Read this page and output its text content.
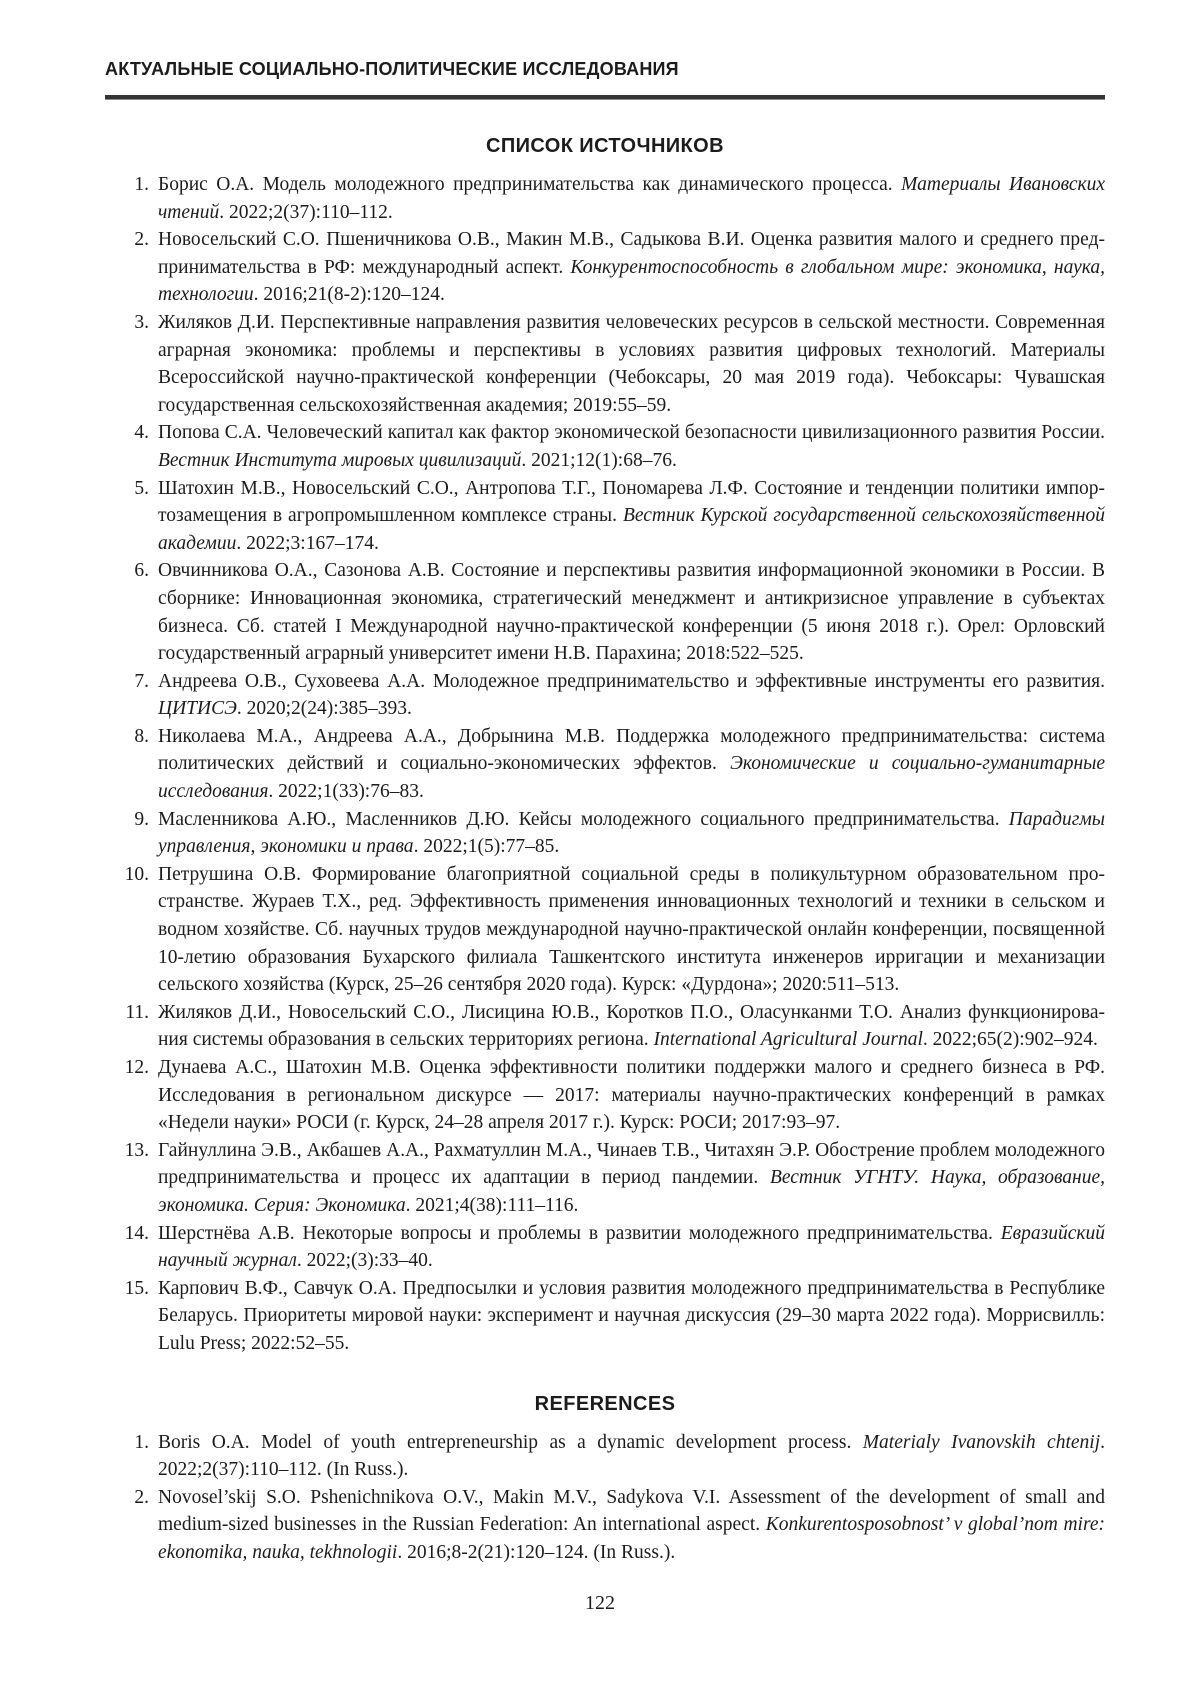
АКТУАЛЬНЫЕ СОЦИАЛЬНО-ПОЛИТИЧЕСКИЕ ИССЛЕДОВАНИЯ
СПИСОК ИСТОЧНИКОВ
1. Борис О.А. Модель молодежного предпринимательства как динамического процесса. Материалы Ивановских чтений. 2022;2(37):110–112.
2. Новосельский С.О. Пшеничникова О.В., Макин М.В., Садыкова В.И. Оценка развития малого и среднего предпринимательства в РФ: международный аспект. Конкурентоспособность в глобальном мире: экономика, наука, технологии. 2016;21(8-2):120–124.
3. Жиляков Д.И. Перспективные направления развития человеческих ресурсов в сельской местности. Современная аграрная экономика: проблемы и перспективы в условиях развития цифровых технологий. Материалы Всероссийской научно-практической конференции (Чебоксары, 20 мая 2019 года). Чебоксары: Чувашская государственная сельскохозяйственная академия; 2019:55–59.
4. Попова С.А. Человеческий капитал как фактор экономической безопасности цивилизационного развития России. Вестник Института мировых цивилизаций. 2021;12(1):68–76.
5. Шатохин М.В., Новосельский С.О., Антропова Т.Г., Пономарева Л.Ф. Состояние и тенденции политики импортозамещения в агропромышленном комплексе страны. Вестник Курской государственной сельскохозяйственной академии. 2022;3:167–174.
6. Овчинникова О.А., Сазонова А.В. Состояние и перспективы развития информационной экономики в России. В сборнике: Инновационная экономика, стратегический менеджмент и антикризисное управление в субъектах бизнеса. Сб. статей I Международной научно-практической конференции (5 июня 2018 г.). Орел: Орловский государственный аграрный университет имени Н.В. Парахина; 2018:522–525.
7. Андреева О.В., Суховеева А.А. Молодежное предпринимательство и эффективные инструменты его развития. ЦИТИСЭ. 2020;2(24):385–393.
8. Николаева М.А., Андреева А.А., Добрынина М.В. Поддержка молодежного предпринимательства: система политических действий и социально-экономических эффектов. Экономические и социально-гуманитарные исследования. 2022;1(33):76–83.
9. Масленникова А.Ю., Масленников Д.Ю. Кейсы молодежного социального предпринимательства. Парадигмы управления, экономики и права. 2022;1(5):77–85.
10. Петрушина О.В. Формирование благоприятной социальной среды в поликультурном образовательном пространстве. Жураев Т.Х., ред. Эффективность применения инновационных технологий и техники в сельском и водном хозяйстве. Сб. научных трудов международной научно-практической онлайн конференции, посвященной 10-летию образования Бухарского филиала Ташкентского института инженеров ирригации и механизации сельского хозяйства (Курск, 25–26 сентября 2020 года). Курск: «Дурдона»; 2020:511–513.
11. Жиляков Д.И., Новосельский С.О., Лисицина Ю.В., Коротков П.О., Оласунканми Т.О. Анализ функционирования системы образования в сельских территориях региона. International Agricultural Journal. 2022;65(2):902–924.
12. Дунаева А.С., Шатохин М.В. Оценка эффективности политики поддержки малого и среднего бизнеса в РФ. Исследования в региональном дискурсе — 2017: материалы научно-практических конференций в рамках «Недели науки» РОСИ (г. Курск, 24–28 апреля 2017 г.). Курск: РОСИ; 2017:93–97.
13. Гайнуллина Э.В., Акбашев А.А., Рахматуллин М.А., Чинаев Т.В., Читахян Э.Р. Обострение проблем молодежного предпринимательства и процесс их адаптации в период пандемии. Вестник УГНТУ. Наука, образование, экономика. Серия: Экономика. 2021;4(38):111–116.
14. Шерстнёва А.В. Некоторые вопросы и проблемы в развитии молодежного предпринимательства. Евразийский научный журнал. 2022;(3):33–40.
15. Карпович В.Ф., Савчук О.А. Предпосылки и условия развития молодежного предпринимательства в Республике Беларусь. Приоритеты мировой науки: эксперимент и научная дискуссия (29–30 марта 2022 года). Моррисвилль: Lulu Press; 2022:52–55.
REFERENCES
1. Boris O.A. Model of youth entrepreneurship as a dynamic development process. Materialy Ivanovskih chtenij. 2022;2(37):110–112. (In Russ.).
2. Novosel’skij S.O. Pshenichnikova O.V., Makin M.V., Sadykova V.I. Assessment of the development of small and medium-sized businesses in the Russian Federation: An international aspect. Konkurentosposobnost’ v global’nom mire: ekonomika, nauka, tekhnologii. 2016;8-2(21):120–124. (In Russ.).
122
